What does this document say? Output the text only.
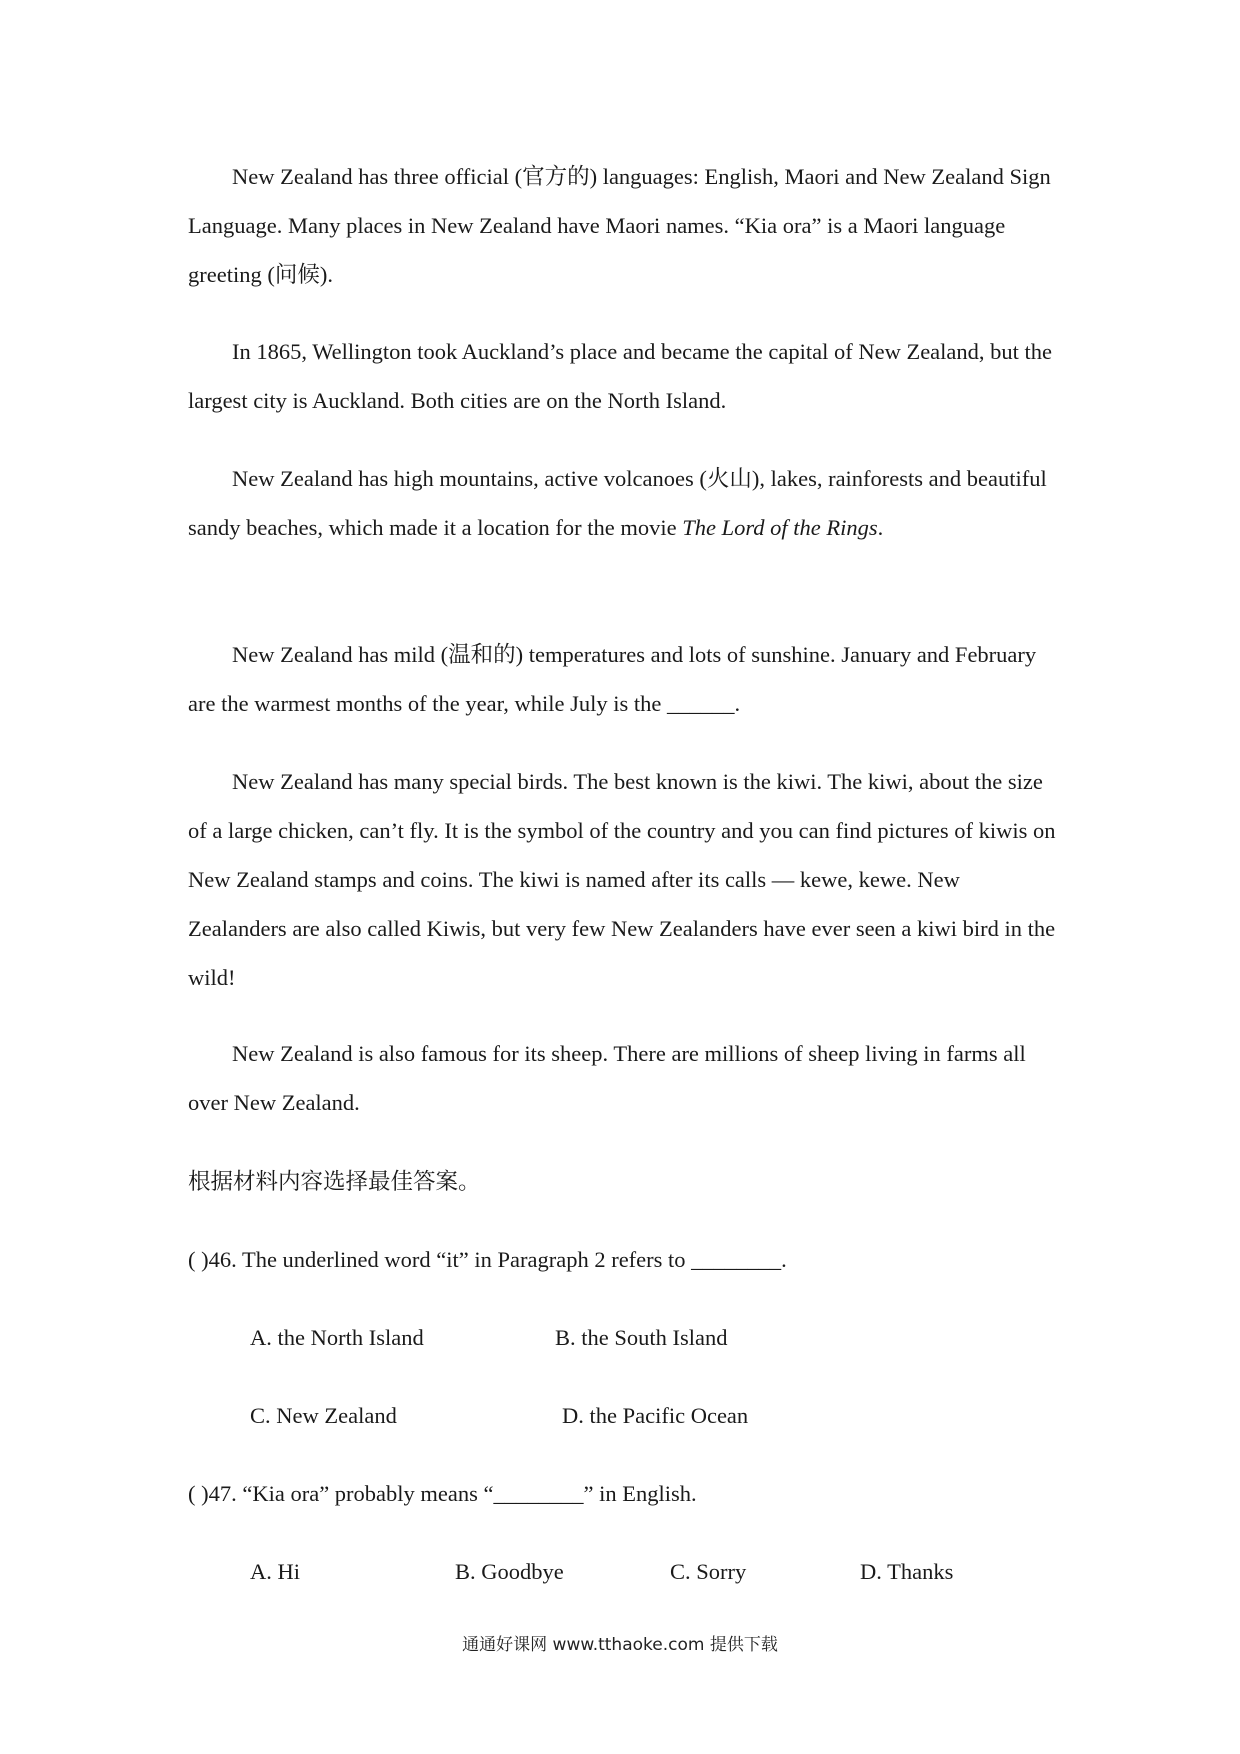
New Zealand has three official (官方的) languages: English, Maori and New Zealand Sign Language. Many places in New Zealand have Maori names. “Kia ora” is a Maori language greeting (问候).

In 1865, Wellington took Auckland’s place and became the capital of New Zealand, but the largest city is Auckland. Both cities are on the North Island.

New Zealand has high mountains, active volcanoes (火山), lakes, rainforests and beautiful sandy beaches, which made it a location for the movie The Lord of the Rings.

New Zealand has mild (温和的) temperatures and lots of sunshine. January and February are the warmest months of the year, while July is the ______.

New Zealand has many special birds. The best known is the kiwi. The kiwi, about the size of a large chicken, can’t fly. It is the symbol of the country and you can find pictures of kiwis on New Zealand stamps and coins. The kiwi is named after its calls — kewe, kewe. New Zealanders are also called Kiwis, but very few New Zealanders have ever seen a kiwi bird in the wild!

New Zealand is also famous for its sheep. There are millions of sheep living in farms all over New Zealand.

根据材料内容选择最佳答案。

( )46. The underlined word “it” in Paragraph 2 refers to ________.

A. the North Island	B. the South Island
C. New Zealand	D. the Pacific Ocean

( )47. “Kia ora” probably means “________” in English.

A. Hi	B. Goodbye	C. Sorry	D. Thanks
通通好课网 www.tthaoke.com 提供下载
